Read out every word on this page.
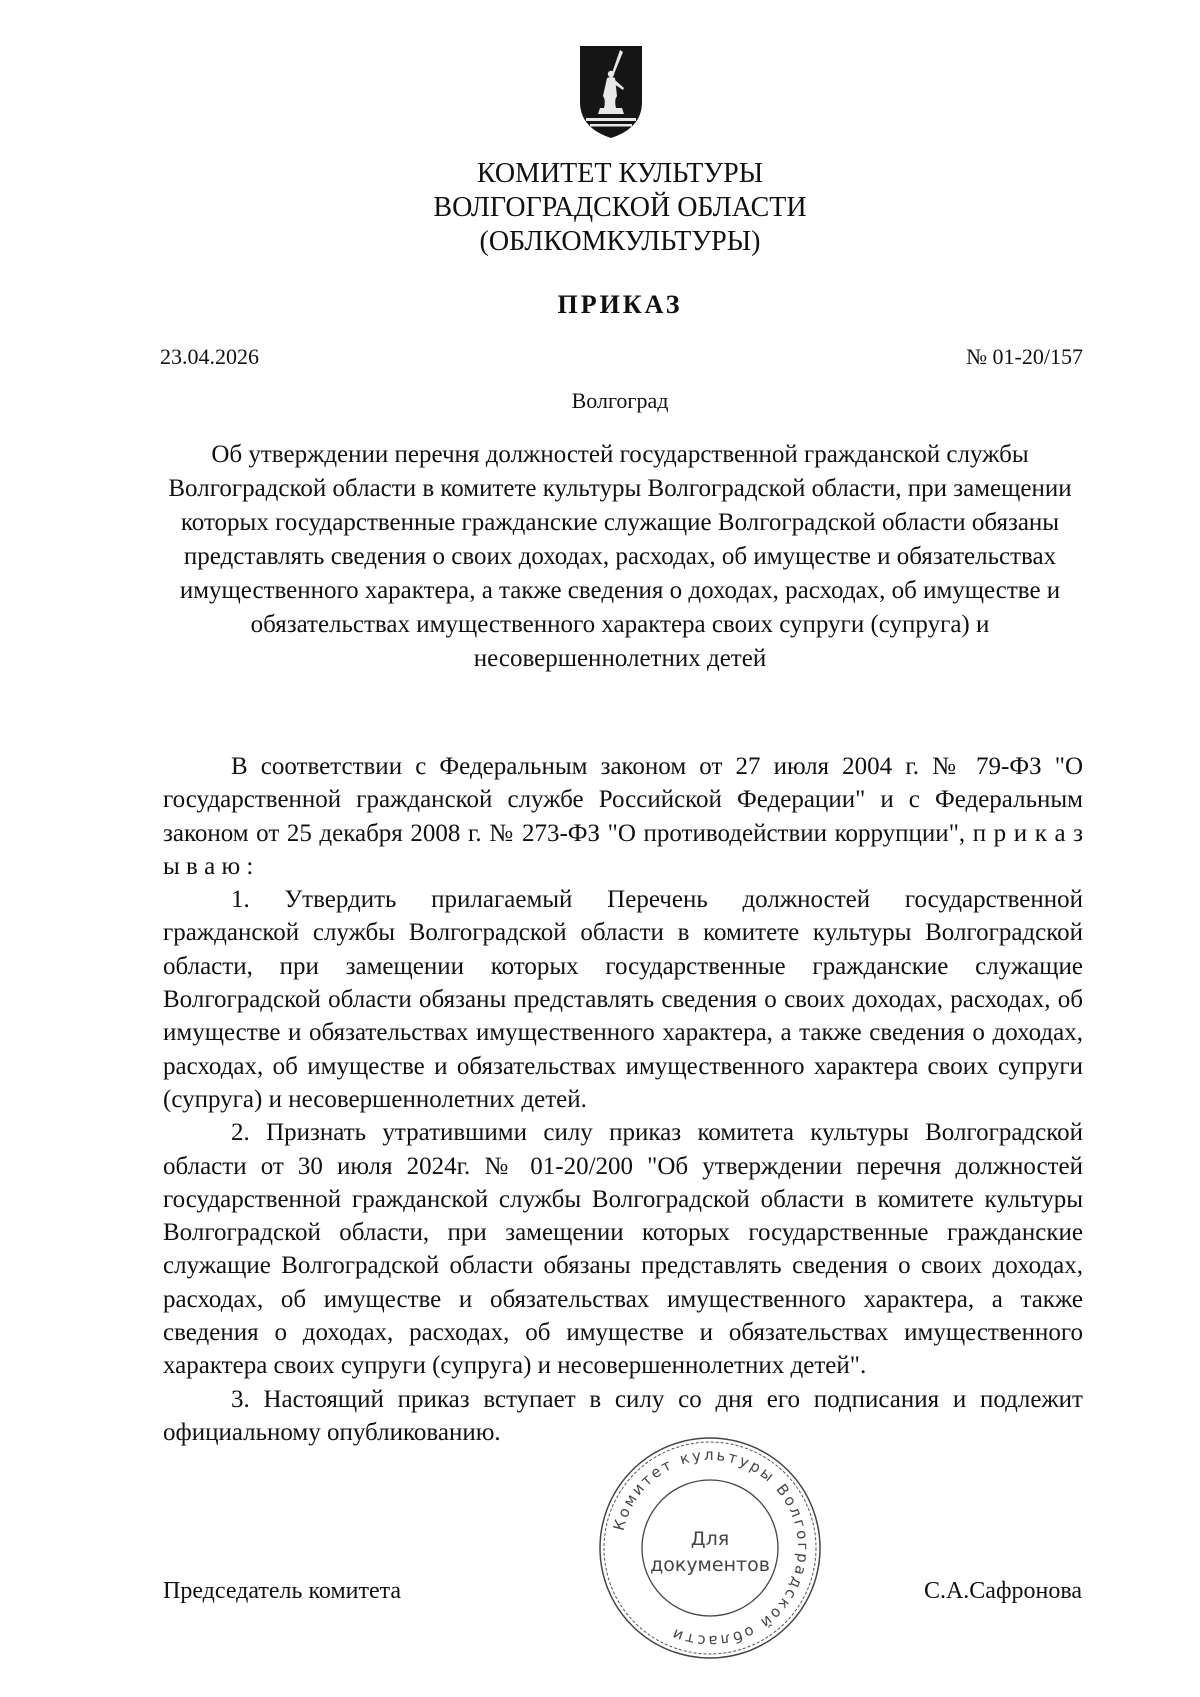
КОМИТЕТ КУЛЬТУРЫ
ВОЛГОГРАДСКОЙ ОБЛАСТИ
(ОБЛКОМКУЛЬТУРЫ)
ПРИКАЗ
23.04.2026	№ 01-20/157
Волгоград
Об утверждении перечня должностей государственной гражданской службы Волгоградской области в комитете культуры Волгоградской области, при замещении которых государственные гражданские служащие Волгоградской области обязаны представлять сведения о своих доходах, расходах, об имуществе и обязательствах имущественного характера, а также сведения о доходах, расходах, об имуществе и обязательствах имущественного характера своих супруги (супруга) и несовершеннолетних детей

В соответствии с Федеральным законом от 27 июля 2004 г. № 79-ФЗ "О государственной гражданской службе Российской Федерации" и с Федеральным законом от 25 декабря 2008 г. № 273-ФЗ "О противодействии коррупции", п р и к а з ы в а ю :

1. Утвердить прилагаемый Перечень должностей государственной гражданской службы Волгоградской области в комитете культуры Волгоградской области, при замещении которых государственные гражданские служащие Волгоградской области обязаны представлять сведения о своих доходах, расходах, об имуществе и обязательствах имущественного характера, а также сведения о доходах, расходах, об имуществе и обязательствах имущественного характера своих супруги (супруга) и несовершеннолетних детей.

2. Признать утратившими силу приказ комитета культуры Волгоградской области от 30 июля 2024г. № 01-20/200 "Об утверждении перечня должностей государственной гражданской службы Волгоградской области в комитете культуры Волгоградской области, при замещении которых государственные гражданские служащие Волгоградской области обязаны представлять сведения о своих доходах, расходах, об имуществе и обязательствах имущественного характера, а также сведения о доходах, расходах, об имуществе и обязательствах имущественного характера своих супруги (супруга) и несовершеннолетних детей".

3. Настоящий приказ вступает в силу со дня его подписания и подлежит официальному опубликованию.

Председатель комитета	С.А.Сафронова
Комитет культуры Волгоградской области
Для
документов
